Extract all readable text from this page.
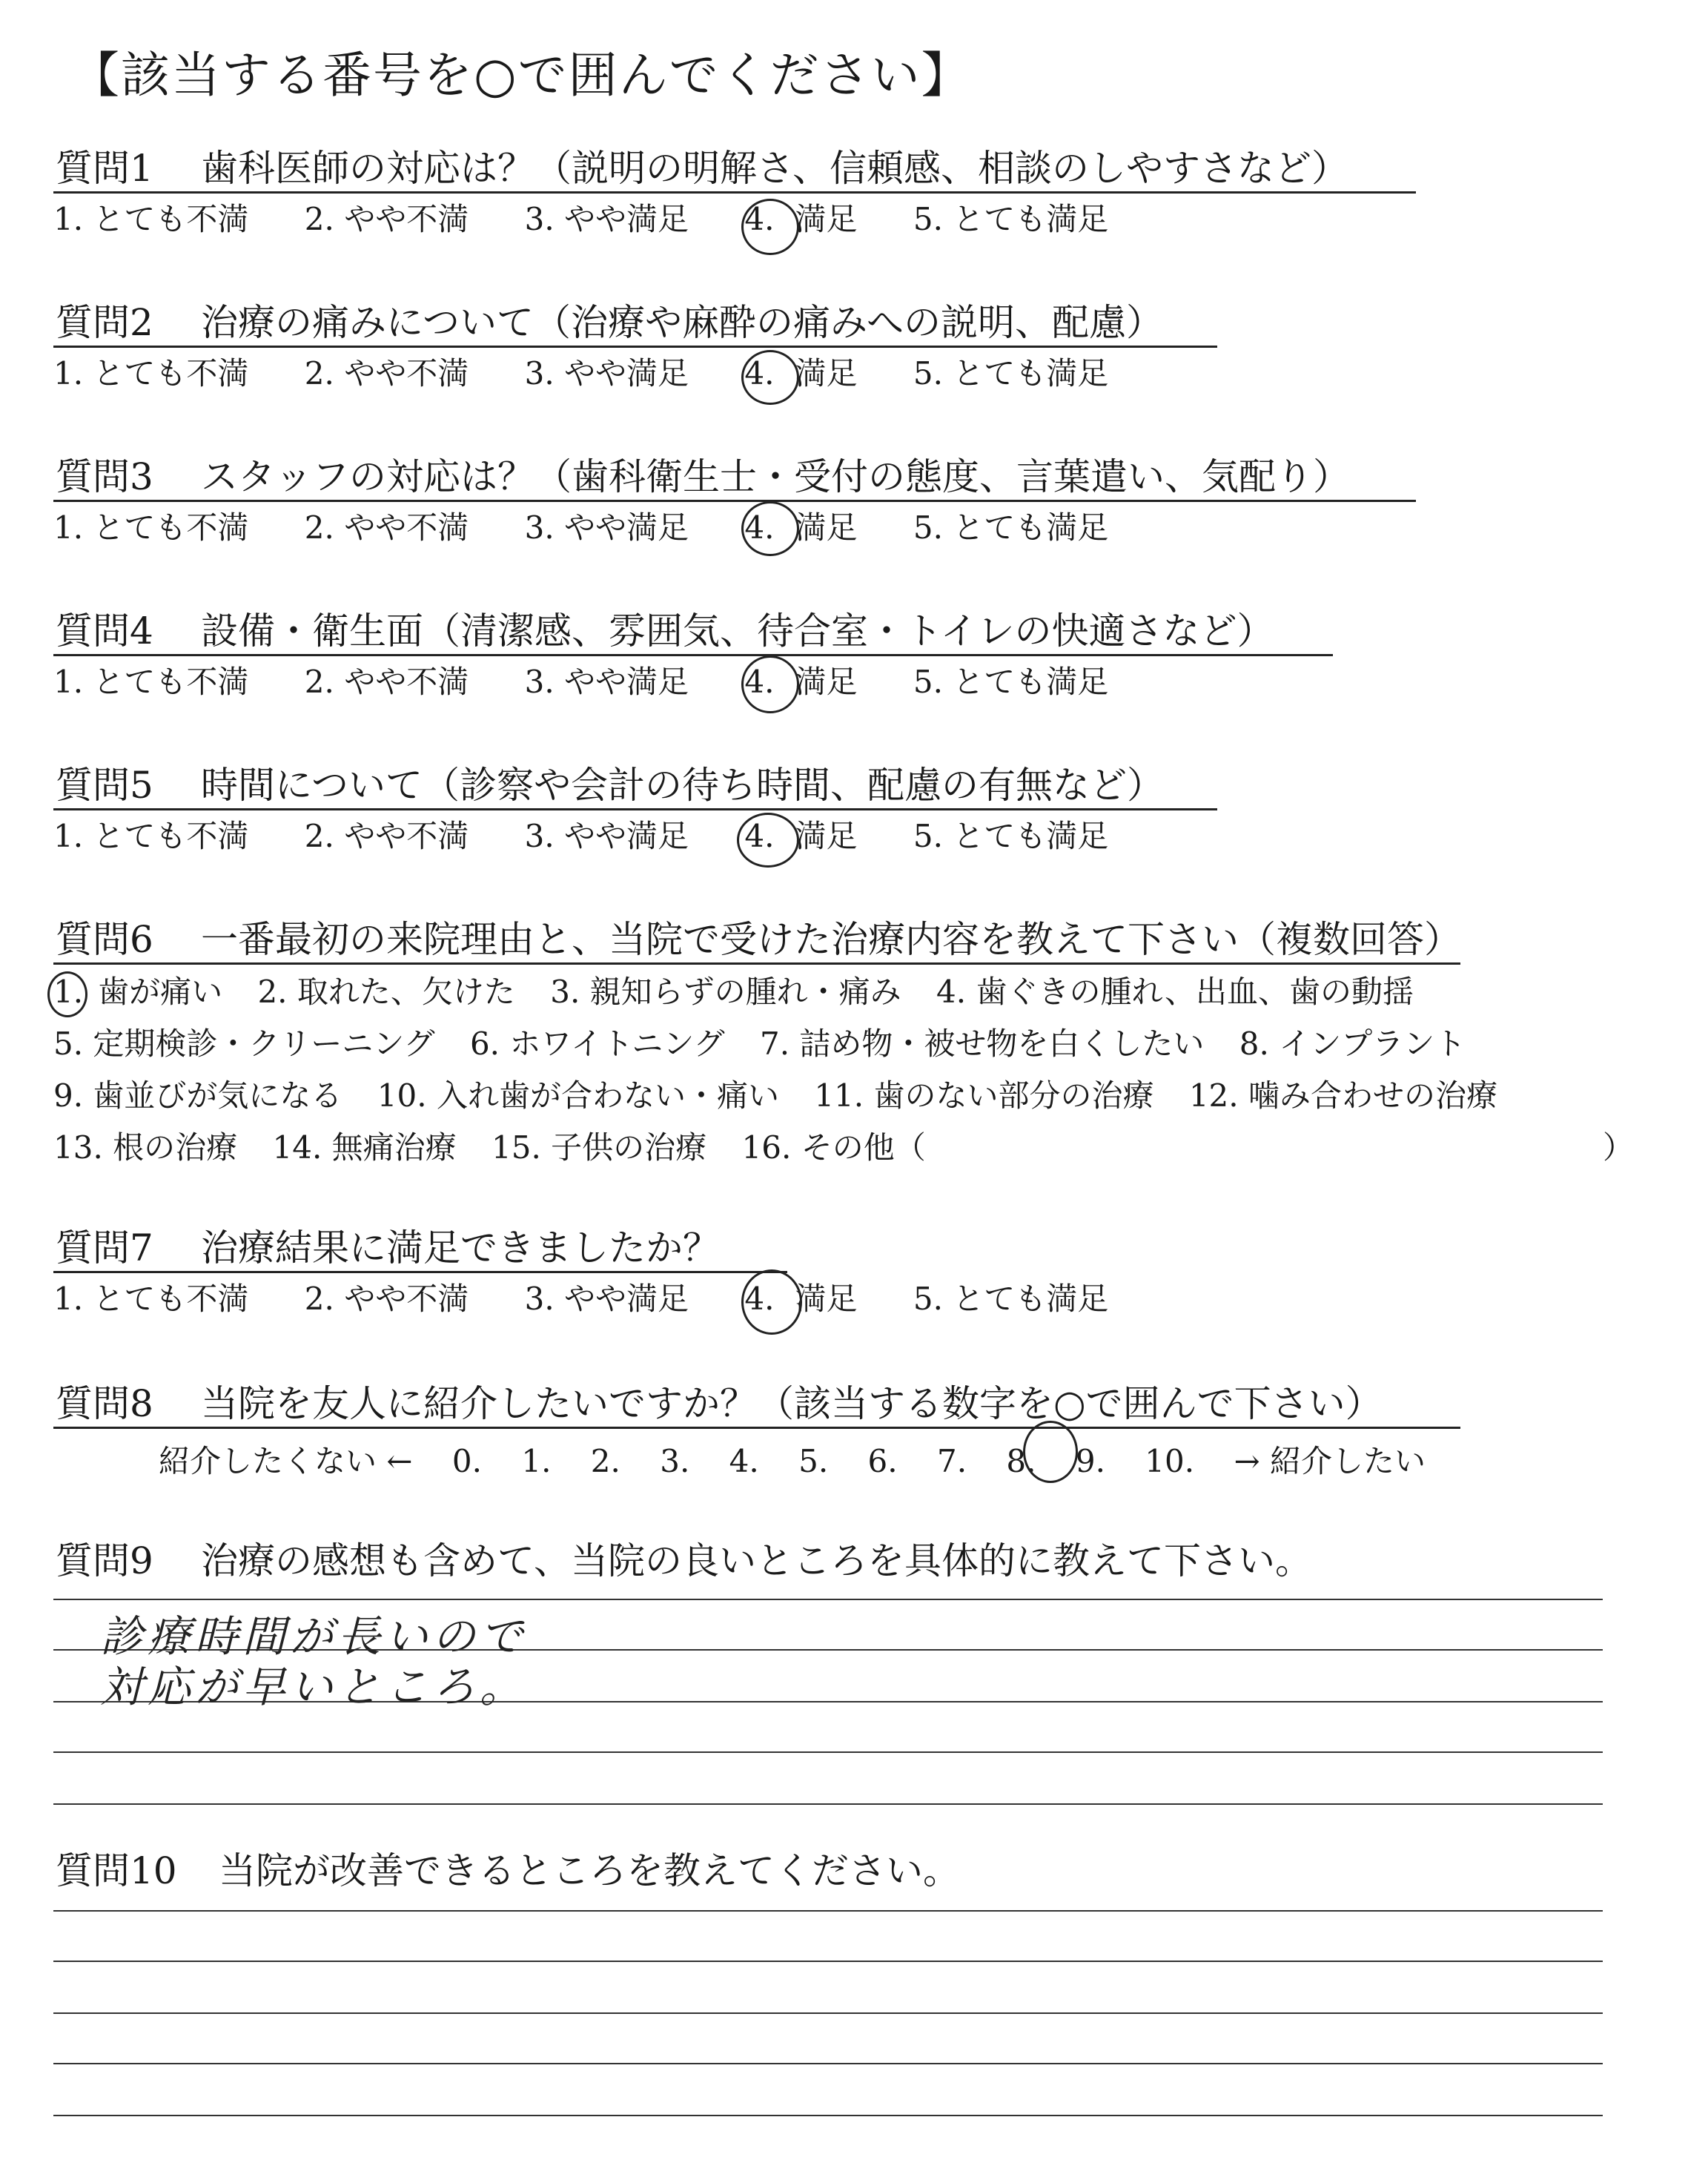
【該当する番号を○で囲んでください】
質問1 歯科医師の対応は？（説明の明解さ、信頼感、相談のしやすさなど）
1. とても不満 2. やや不満 3. やや満足 4. 満足 5. とても満足
質問2 治療の痛みについて（治療や麻酔の痛みへの説明、配慮）
1. とても不満 2. やや不満 3. やや満足 4. 満足 5. とても満足
質問3 スタッフの対応は？（歯科衛生士・受付の態度、言葉遣い、気配り）
1. とても不満 2. やや不満 3. やや満足 4. 満足 5. とても満足
質問4 設備・衛生面（清潔感、雰囲気、待合室・トイレの快適さなど）
1. とても不満 2. やや不満 3. やや満足 4. 満足 5. とても満足
質問5 時間について（診察や会計の待ち時間、配慮の有無など）
1. とても不満 2. やや不満 3. やや満足 4. 満足 5. とても満足
質問6 一番最初の来院理由と、当院で受けた治療内容を教えて下さい（複数回答）
1. 歯が痛い 2. 取れた、欠けた 3. 親知らずの腫れ・痛み 4. 歯ぐきの腫れ、出血、歯の動揺
5. 定期検診・クリーニング 6. ホワイトニング 7. 詰め物・被せ物を白くしたい 8. インプラント
9. 歯並びが気になる 10. 入れ歯が合わない・痛い 11. 歯のない部分の治療 12. 噛み合わせの治療
13. 根の治療 14. 無痛治療 15. 子供の治療 16. その他（	）
質問7 治療結果に満足できましたか？
1. とても不満 2. やや不満 3. やや満足 4. 満足 5. とても満足
質問8 当院を友人に紹介したいですか？（該当する数字を○で囲んで下さい）
紹介したくない ← 0. 1. 2. 3. 4. 5. 6. 7. 8. 9. 10. → 紹介したい
質問9 治療の感想も含めて、当院の良いところを具体的に教えて下さい。
診療時間が長いので
対応が早いところ。
質問10 当院が改善できるところを教えてください。
